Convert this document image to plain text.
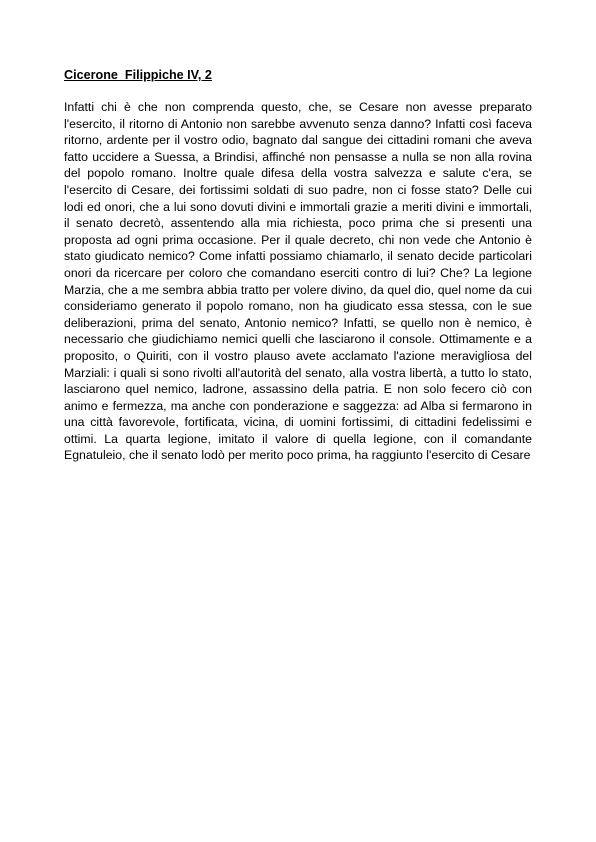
Cicerone  Filippiche IV, 2

Infatti chi è che non comprenda questo, che, se Cesare non avesse preparato l'esercito, il ritorno di Antonio non sarebbe avvenuto senza danno? Infatti così faceva ritorno, ardente per il vostro odio, bagnato dal sangue dei cittadini romani che aveva fatto uccidere a Suessa, a Brindisi, affinché non pensasse a nulla se non alla rovina del popolo romano. Inoltre quale difesa della vostra salvezza e salute c'era, se l'esercito di Cesare, dei fortissimi soldati di suo padre, non ci fosse stato? Delle cui lodi ed onori, che a lui sono dovuti divini e immortali grazie a meriti divini e immortali, il senato decretò, assentendo alla mia richiesta, poco prima che si presenti una proposta ad ogni prima occasione. Per il quale decreto, chi non vede che Antonio è stato giudicato nemico? Come infatti possiamo chiamarlo, il senato decide particolari onori da ricercare per coloro che comandano eserciti contro di lui? Che? La legione Marzia, che a me sembra abbia tratto per volere divino, da quel dio, quel nome da cui consideriamo generato il popolo romano, non ha giudicato essa stessa, con le sue deliberazioni, prima del senato, Antonio nemico? Infatti, se quello non è nemico, è necessario che giudichiamo nemici quelli che lasciarono il console. Ottimamente e a proposito, o Quiriti, con il vostro plauso avete acclamato l'azione meravigliosa del Marziali: i quali si sono rivolti all'autorità del senato, alla vostra libertà, a tutto lo stato, lasciarono quel nemico, ladrone, assassino della patria. E non solo fecero ciò con animo e fermezza, ma anche con ponderazione e saggezza: ad Alba si fermarono in una città favorevole, fortificata, vicina, di uomini fortissimi, di cittadini fedelissimi e ottimi. La quarta legione, imitato il valore di quella legione, con il comandante Egnatuleio, che il senato lodò per merito poco prima, ha raggiunto l'esercito di Cesare
